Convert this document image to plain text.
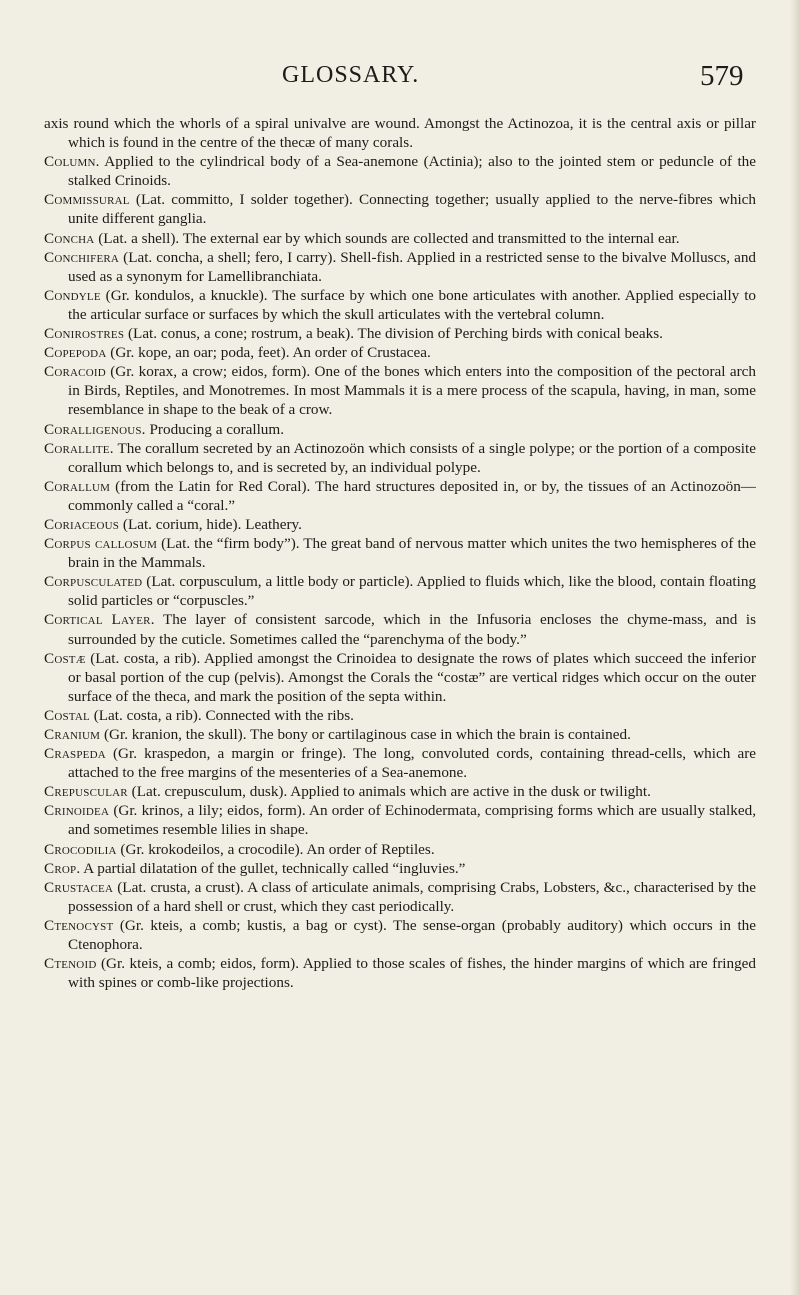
GLOSSARY.	579

axis round which the whorls of a spiral univalve are wound. Amongst the Actinozoa, it is the central axis or pillar which is found in the centre of the thecæ of many corals.

Column. Applied to the cylindrical body of a Sea-anemone (Actinia); also to the jointed stem or peduncle of the stalked Crinoids.

Commissural (Lat. committo, I solder together). Connecting together; usually applied to the nerve-fibres which unite different ganglia.

Concha (Lat. a shell). The external ear by which sounds are collected and transmitted to the internal ear.

Conchifera (Lat. concha, a shell; fero, I carry). Shell-fish. Applied in a restricted sense to the bivalve Molluscs, and used as a synonym for Lamellibranchiata.

Condyle (Gr. kondulos, a knuckle). The surface by which one bone articulates with another. Applied especially to the articular surface or surfaces by which the skull articulates with the vertebral column.

Conirostres (Lat. conus, a cone; rostrum, a beak). The division of Perching birds with conical beaks.

Copepoda (Gr. kope, an oar; poda, feet). An order of Crustacea.

Coracoid (Gr. korax, a crow; eidos, form). One of the bones which enters into the composition of the pectoral arch in Birds, Reptiles, and Monotremes. In most Mammals it is a mere process of the scapula, having, in man, some resemblance in shape to the beak of a crow.

Coralligenous. Producing a corallum.

Corallite. The corallum secreted by an Actinozoön which consists of a single polype; or the portion of a composite corallum which belongs to, and is secreted by, an individual polype.

Corallum (from the Latin for Red Coral). The hard structures deposited in, or by, the tissues of an Actinozoön—commonly called a “coral.”

Coriaceous (Lat. corium, hide). Leathery.

Corpus callosum (Lat. the “firm body”). The great band of nervous matter which unites the two hemispheres of the brain in the Mammals.

Corpusculated (Lat. corpusculum, a little body or particle). Applied to fluids which, like the blood, contain floating solid particles or “corpuscles.”

Cortical Layer. The layer of consistent sarcode, which in the Infusoria encloses the chyme-mass, and is surrounded by the cuticle. Sometimes called the “parenchyma of the body.”

Costæ (Lat. costa, a rib). Applied amongst the Crinoidea to designate the rows of plates which succeed the inferior or basal portion of the cup (pelvis). Amongst the Corals the “costæ” are vertical ridges which occur on the outer surface of the theca, and mark the position of the septa within.

Costal (Lat. costa, a rib). Connected with the ribs.

Cranium (Gr. kranion, the skull). The bony or cartilaginous case in which the brain is contained.

Craspeda (Gr. kraspedon, a margin or fringe). The long, convoluted cords, containing thread-cells, which are attached to the free margins of the mesenteries of a Sea-anemone.

Crepuscular (Lat. crepusculum, dusk). Applied to animals which are active in the dusk or twilight.

Crinoidea (Gr. krinos, a lily; eidos, form). An order of Echinodermata, comprising forms which are usually stalked, and sometimes resemble lilies in shape.

Crocodilia (Gr. krokodeilos, a crocodile). An order of Reptiles.

Crop. A partial dilatation of the gullet, technically called “ingluvies.”

Crustacea (Lat. crusta, a crust). A class of articulate animals, comprising Crabs, Lobsters, &c., characterised by the possession of a hard shell or crust, which they cast periodically.

Ctenocyst (Gr. kteis, a comb; kustis, a bag or cyst). The sense-organ (probably auditory) which occurs in the Ctenophora.

Ctenoid (Gr. kteis, a comb; eidos, form). Applied to those scales of fishes, the hinder margins of which are fringed with spines or comb-like projections.
